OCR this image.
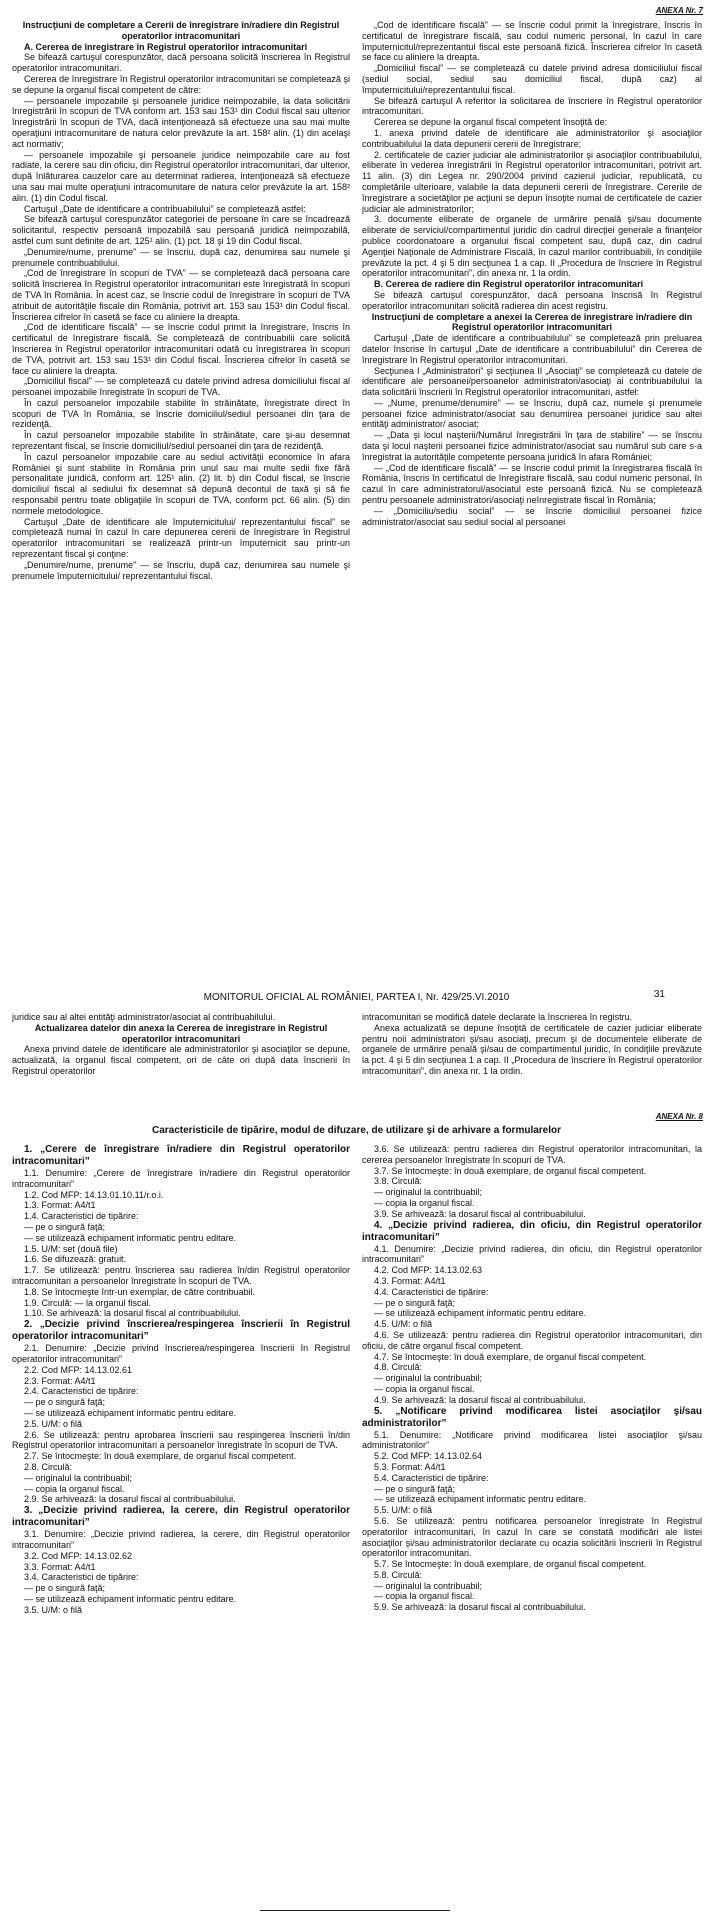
ANEXA Nr. 7

Instrucţiuni de completare a Cererii de înregistrare în/radiere din Registrul operatorilor intracomunitari

A. Cererea de înregistrare în Registrul operatorilor intracomunitari

Se bifează cartuşul corespunzător, dacă persoana solicită înscrierea în Registrul operatorilor intracomunitari.

Cererea de înregistrare în Registrul operatorilor intracomunitari se completează şi se depune la organul fiscal competent de către:

— persoanele impozabile şi persoanele juridice neimpozabile, la data solicitării înregistrării în scopuri de TVA conform art. 153 sau 153¹ din Codul fiscal sau ulterior înregistrării în scopuri de TVA, dacă intenţionează să efectueze una sau mai multe operaţiuni intracomunitare de natura celor prevăzute la art. 158² alin. (1) din acelaşi act normativ;

— persoanele impozabile şi persoanele juridice neimpozabile care au fost radiate, la cerere sau din oficiu, din Registrul operatorilor intracomunitari, dar ulterior, după înlăturarea cauzelor care au determinat radierea, intenţionează să efectueze una sau mai multe operaţiuni intracomunitare de natura celor prevăzute la art. 158² alin. (1) din Codul fiscal.

Cartuşul „Date de identificare a contribuabilului” se completează astfel:

Se bifează cartuşul corespunzător categoriei de persoane în care se încadrează solicitantul, respectiv persoană impozabilă sau persoană juridică neimpozabilă, astfel cum sunt definite de art. 125¹ alin. (1) pct. 18 şi 19 din Codul fiscal.

„Denumire/nume, prenume” — se înscriu, după caz, denumirea sau numele şi prenumele contribuabilului.

„Cod de înregistrare în scopuri de TVA” — se completează dacă persoana care solicită înscrierea în Registrul operatorilor intracomunitari este înregistrată în scopuri de TVA în România. În acest caz, se înscrie codul de înregistrare în scopuri de TVA atribuit de autorităţile fiscale din România, potrivit art. 153 sau 153¹ din Codul fiscal. Înscrierea cifrelor în casetă se face cu aliniere la dreapta.

„Cod de identificare fiscală” — se înscrie codul primit la înregistrare, înscris în certificatul de înregistrare fiscală. Se completează de contribuabilii care solicită înscrierea în Registrul operatorilor intracomunitari odată cu înregistrarea în scopuri de TVA, potrivit art. 153 sau 153¹ din Codul fiscal. Înscrierea cifrelor în casetă se face cu aliniere la dreapta.

„Domiciliul fiscal” — se completează cu datele privind adresa domiciliului fiscal al persoanei impozabile înregistrate în scopuri de TVA.

În cazul persoanelor impozabile stabilite în străinătate, înregistrate direct în scopuri de TVA în România, se înscrie domiciliul/sediul persoanei din ţara de rezidenţă.

În cazul persoanelor impozabile stabilite în străinătate, care şi-au desemnat reprezentant fiscal, se înscrie domiciliul/sediul persoanei din ţara de rezidenţă.

În cazul persoanelor impozabile care au sediul activităţii economice în afara României şi sunt stabilite în România prin unul sau mai multe sedii fixe fără personalitate juridică, conform art. 125¹ alin. (2) lit. b) din Codul fiscal, se înscrie domiciliul fiscal al sediului fix desemnat să depună decontul de taxă şi să fie responsabil pentru toate obligaţiile în scopuri de TVA, conform pct. 66 alin. (5) din normele metodologice.

Cartuşul „Date de identificare ale împuternicitului/ reprezentantului fiscal” se completează numai în cazul în care depunerea cererii de înregistrare în Registrul operatorilor intracomunitari se realizează printr-un împuternicit sau printr-un reprezentant fiscal şi conţine:

„Denumire/nume, prenume” — se înscriu, după caz, denumirea sau numele şi prenumele împuternicitului/ reprezentantului fiscal.

„Cod de identificare fiscală” — se înscrie codul primit la înregistrare, înscris în certificatul de înregistrare fiscală, sau codul numeric personal, în cazul în care împuternicitul/reprezentantul fiscal este persoană fizică. Înscrierea cifrelor în casetă se face cu aliniere la dreapta.

„Domiciliul fiscal” — se completează cu datele privind adresa domiciliului fiscal (sediul social, sediul sau domiciliul fiscal, după caz) al împuternicitului/reprezentantului fiscal.

Se bifează cartuşul A referitor la solicitarea de înscriere în Registrul operatorilor intracomunitari.

Cererea se depune la organul fiscal competent însoţită de:

1. anexa privind datele de identificare ale administratorilor şi asociaţilor contribuabilului la data depunerii cererii de înregistrare;

2. certificatele de cazier judiciar ale administratorilor şi asociaţilor contribuabilului, eliberate în vederea înregistrării în Registrul operatorilor intracomunitari, potrivit art. 11 alin. (3) din Legea nr. 290/2004 privind cazierul judiciar, republicată, cu completările ulterioare, valabile la data depunerii cererii de înregistrare. Cererile de înregistrare a societăţilor pe acţiuni se depun însoţite numai de certificatele de cazier judiciar ale administratorilor;

3. documente eliberate de organele de urmărire penală şi/sau documente eliberate de serviciul/compartimentul juridic din cadrul direcţiei generale a finanţelor publice coordonatoare a organului fiscal competent sau, după caz, din cadrul Agenţiei Naţionale de Administrare Fiscală, în cazul marilor contribuabili, în condiţiile prevăzute la pct. 4 şi 5 din secţiunea 1 a cap. II „Procedura de înscriere în Registrul operatorilor intracomunitari”, din anexa nr. 1 la ordin.

B. Cererea de radiere din Registrul operatorilor intracomunitari

Se bifează cartuşul corespunzător, dacă persoana înscrisă în Registrul operatorilor intracomunitari solicită radierea din acest registru.

Instrucţiuni de completare a anexei la Cererea de înregistrare în/radiere din Registrul operatorilor intracomunitari

Cartuşul „Date de identificare a contribuabilului” se completează prin preluarea datelor înscrise în cartuşul „Date de identificare a contribuabilului” din Cererea de înregistrare în Registrul operatorilor intracomunitari.

Secţiunea I „Administratori” şi secţiunea II „Asociaţi” se completează cu datele de identificare ale persoanei/persoanelor administratori/asociaţi ai contribuabilului la data solicitării înscrierii în Registrul operatorilor intracomunitari, astfel:

— „Nume, prenume/denumire” — se înscriu, după caz, numele şi prenumele persoanei fizice administrator/asociat sau denumirea persoanei juridice sau altei entităţi administrator/ asociat;

— „Data şi locul naşterii/Numărul înregistrării în ţara de stabilire” — se înscriu data şi locul naşterii persoanei fizice administrator/asociat sau numărul sub care s-a înregistrat la autorităţile competente persoana juridică în afara României;

— „Cod de identificare fiscală” — se înscrie codul primit la înregistrarea fiscală în România, înscris în certificatul de înregistrare fiscală, sau codul numeric personal, în cazul în care administratorul/asociatul este persoană fizică. Nu se completează pentru persoanele administratori/asociaţi neînregistrate fiscal în România;

— „Domiciliu/sediu social” — se înscrie domiciliul persoanei fizice administrator/asociat sau sediul social al persoanei

MONITORUL OFICIAL AL ROMÂNIEI, PARTEA I, Nr. 429/25.VI.2010	31

juridice sau al altei entităţi administrator/asociat al contribuabilului.

Actualizarea datelor din anexa la Cererea de înregistrare în Registrul operatorilor intracomunitari

Anexa privind datele de identificare ale administratorilor şi asociaţilor se depune, actualizată, la organul fiscal competent, ori de câte ori după data înscrierii în Registrul operatorilor

intracomunitari se modifică datele declarate la înscrierea în registru.

Anexa actualizată se depune însoţită de certificatele de cazier judiciar eliberate pentru noii administratori şi/sau asociaţi, precum şi de documentele eliberate de organele de urmărire penală şi/sau de compartimentul juridic, în condiţiile prevăzute la pct. 4 şi 5 din secţiunea 1 a cap. II „Procedura de înscriere în Registrul operatorilor intracomunitari”, din anexa nr. 1 la ordin.

ANEXA Nr. 8
Caracteristicile de tipărire, modul de difuzare, de utilizare şi de arhivare a formularelor

1. „Cerere de înregistrare în/radiere din Registrul operatorilor intracomunitari”

1.1. Denumire: „Cerere de înregistrare în/radiere din Registrul operatorilor intracomunitari”

1.2. Cod MFP: 14.13.01.10.11/r.o.i.

1.3. Format: A4/t1

1.4. Caracteristici de tipărire:

— pe o singură faţă;

— se utilizează echipament informatic pentru editare.

1.5. U/M: set (două file)

1.6. Se difuzează: gratuit.

1.7. Se utilizează: pentru înscrierea sau radierea în/din Registrul operatorilor intracomunitari a persoanelor înregistrate în scopuri de TVA.

1.8. Se întocmeşte într-un exemplar, de către contribuabil.

1.9. Circulă: — la organul fiscal.

1.10. Se arhivează: la dosarul fiscal al contribuabilului.

2. „Decizie privind înscrierea/respingerea înscrierii în Registrul operatorilor intracomunitari”

2.1. Denumire: „Decizie privind înscrierea/respingerea înscrierii în Registrul operatorilor intracomunitari”

2.2. Cod MFP: 14.13.02.61

2.3. Format: A4/t1

2.4. Caracteristici de tipărire:

— pe o singură faţă;

— se utilizează echipament informatic pentru editare.

2.5. U/M: o filă

2.6. Se utilizează: pentru aprobarea înscrierii sau respingerea înscrierii în/din Registrul operatorilor intracomunitari a persoanelor înregistrate în scopuri de TVA.

2.7. Se întocmeşte: în două exemplare, de organul fiscal competent.

2.8. Circulă:

— originalul la contribuabil;

— copia la organul fiscal.

2.9. Se arhivează: la dosarul fiscal al contribuabilului.

3. „Decizie privind radierea, la cerere, din Registrul operatorilor intracomunitari”

3.1. Denumire: „Decizie privind radierea, la cerere, din Registrul operatorilor intracomunitari”

3.2. Cod MFP: 14.13.02.62

3.3. Format: A4/t1

3.4. Caracteristici de tipărire:

— pe o singură faţă;

— se utilizează echipament informatic pentru editare.

3.5. U/M: o filă

3.6. Se utilizează: pentru radierea din Registrul operatorilor intracomunitari, la cererea persoanelor înregistrate în scopuri de TVA.

3.7. Se întocmeşte: în două exemplare, de organul fiscal competent.

3.8. Circulă:

— originalul la contribuabil;

— copia la organul fiscal.

3.9. Se arhivează: la dosarul fiscal al contribuabilului.

4. „Decizie privind radierea, din oficiu, din Registrul operatorilor intracomunitari”

4.1. Denumire: „Decizie privind radierea, din oficiu, din Registrul operatorilor intracomunitari”

4.2. Cod MFP: 14.13.02.63

4.3. Format: A4/t1

4.4. Caracteristici de tipărire:

— pe o singură faţă;

— se utilizează echipament informatic pentru editare.

4.5. U/M: o filă

4.6. Se utilizează: pentru radierea din Registrul operatorilor intracomunitari, din oficiu, de către organul fiscal competent.

4.7. Se întocmeşte: în două exemplare, de organul fiscal competent.

4.8. Circulă:

— originalul la contribuabil;

— copia la organul fiscal.

4.9. Se arhivează: la dosarul fiscal al contribuabilului.

5. „Notificare privind modificarea listei asociaţilor şi/sau administratorilor”

5.1. Denumire: „Notificare privind modificarea listei asociaţilor şi/sau administratorilor”

5.2. Cod MFP: 14.13.02.64

5.3. Format: A4/t1

5.4. Caracteristici de tipărire:

— pe o singură faţă;

— se utilizează echipament informatic pentru editare.

5.5. U/M: o filă

5.6. Se utilizează: pentru notificarea persoanelor înregistrate în Registrul operatorilor intracomunitari, în cazul în care se constată modificări ale listei asociaţilor şi/sau administratorilor declarate cu ocazia solicitării înscrierii în Registrul operatorilor intracomunitari.

5.7. Se întocmeşte: în două exemplare, de organul fiscal competent.

5.8. Circulă:

— originalul la contribuabil;

— copia la organul fiscal.

5.9. Se arhivează: la dosarul fiscal al contribuabilului.
